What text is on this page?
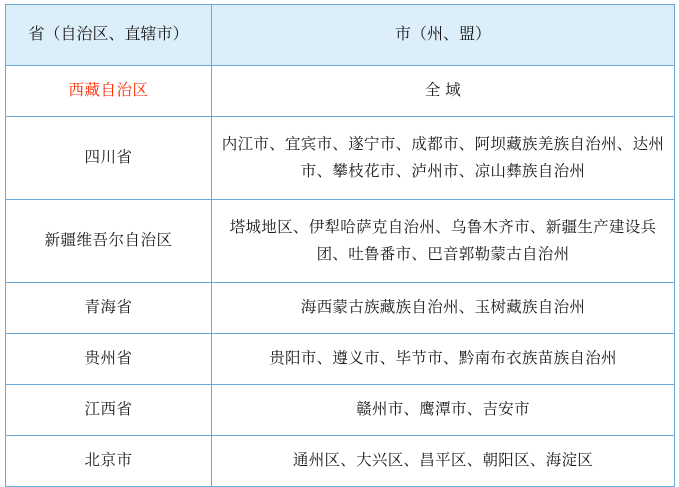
省（自治区、直辖市）	市（州、盟）

西藏自治区	全 域

四川省	内江市、宜宾市、遂宁市、成都市、阿坝藏族羌族自治州、达州市、攀枝花市、泸州市、凉山彝族自治州

新疆维吾尔自治区	塔城地区、伊犁哈萨克自治州、乌鲁木齐市、新疆生产建设兵团、吐鲁番市、巴音郭勒蒙古自治州

青海省	海西蒙古族藏族自治州、玉树藏族自治州

贵州省	贵阳市、遵义市、毕节市、黔南布衣族苗族自治州

江西省	赣州市、鹰潭市、吉安市

北京市	通州区、大兴区、昌平区、朝阳区、海淀区
